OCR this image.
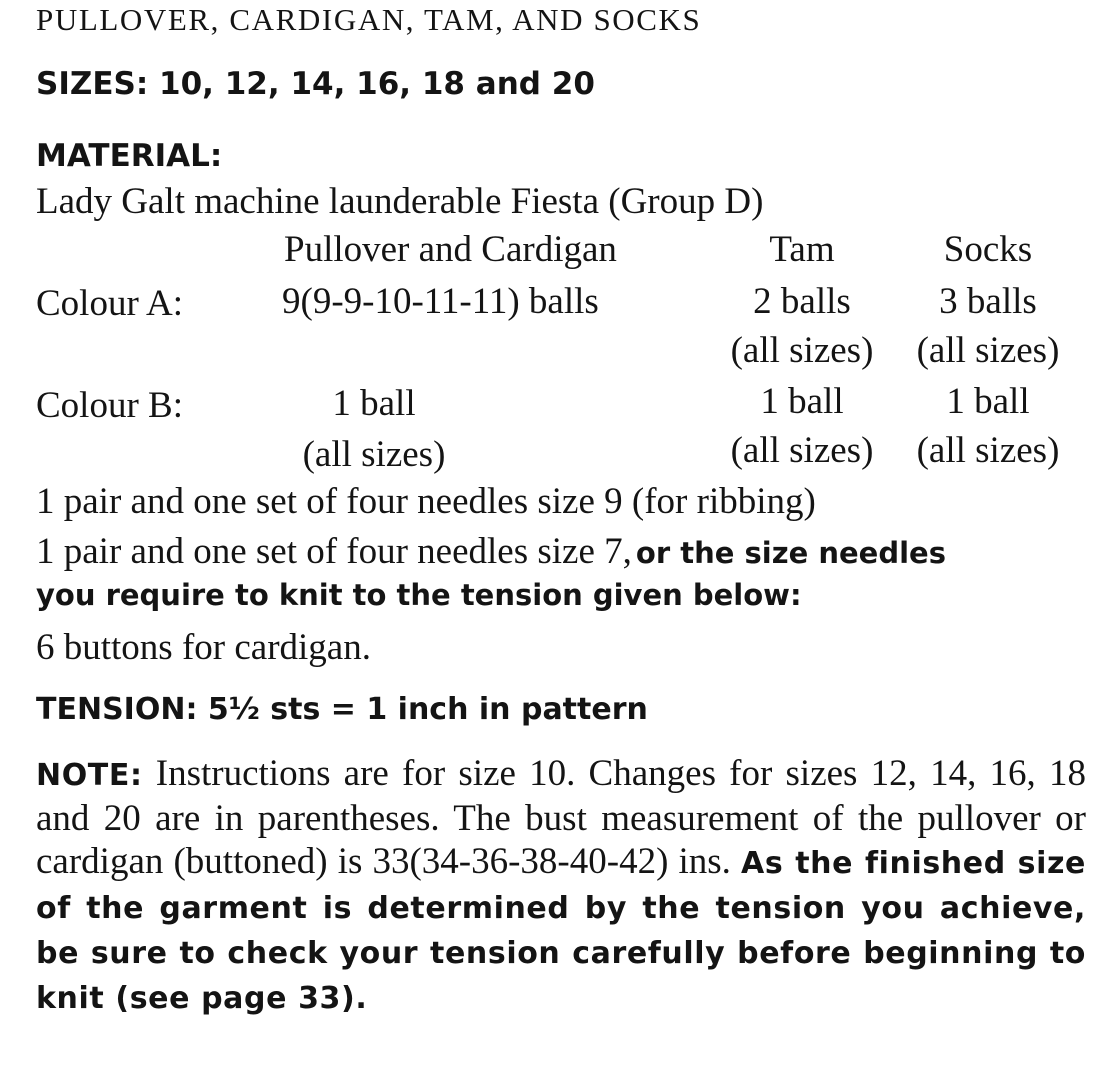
PULLOVER, CARDIGAN, TAM, AND SOCKS
SIZES: 10, 12, 14, 16, 18 and 20
MATERIAL:
Lady Galt machine launderable Fiesta (Group D)
Pullover and Cardigan	Tam	Socks
Colour A:	9(9-9-10-11-11) balls	2 balls 3 balls
(all sizes) (all sizes)
Colour B:	1 ball	1 ball	1 ball
(all sizes)	(all sizes) (all sizes)
1 pair and one set of four needles size 9 (for ribbing)
1 pair and one set of four needles size 7, or the size needles
you require to knit to the tension given below:
6 buttons for cardigan.
TENSION: 5½ sts = 1 inch in pattern
NOTE: Instructions are for size 10. Changes for sizes 12, 14, 16, 18 and 20 are in parentheses. The bust measurement of the pullover or cardigan (buttoned) is 33(34-36-38-40-42) ins. As the finished size of the garment is determined by the tension you achieve, be sure to check your tension carefully before beginning to knit (see page 33).
